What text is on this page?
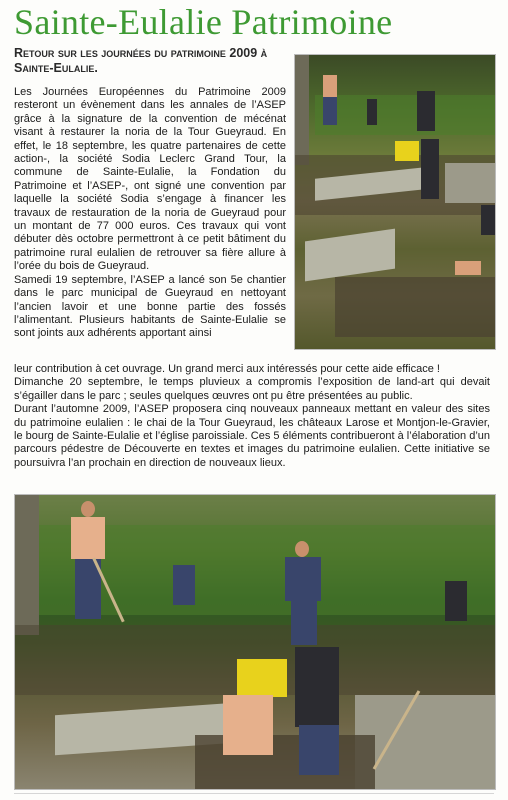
Sainte-Eulalie Patrimoine
Retour sur les journées du patrimoine 2009 à Sainte-Eulalie.

Les Journées Européennes du Patrimoine 2009 resteront un évènement dans les annales de l’ASEP grâce à la signature de la convention de mécénat visant à restaurer la noria de la Tour Gueyraud. En effet, le 18 septembre, les quatre partenaires de cette action-, la société Sodia Leclerc Grand Tour, la commune de Sainte-Eulalie, la Fondation du Patrimoine et l’ASEP-, ont signé une convention par laquelle la société Sodia s’engage à financer les travaux de restauration de la noria de Gueyraud pour un montant de 77 000 euros. Ces travaux qui vont débuter dès octobre permettront à ce petit bâtiment du patrimoine rural eulalien de retrouver sa fière allure à l’orée du bois de Gueyraud.

Samedi 19 septembre, l’ASEP a lancé son 5e chantier dans le parc municipal de Gueyraud en nettoyant l’ancien lavoir et une bonne partie des fossés l’alimentant. Plusieurs habitants de Sainte-Eulalie se sont joints aux adhérents apportant ainsi

leur contribution à cet ouvrage. Un grand merci aux intéressés pour cette aide efficace !

Dimanche 20 septembre, le temps pluvieux a compromis l’exposition de land-art qui devait s’égailler dans le parc ; seules quelques œuvres ont pu être présentées au public.

Durant l’automne 2009, l’ASEP proposera cinq nouveaux panneaux mettant en valeur des sites du patrimoine eulalien : le chai de la Tour Gueyraud, les châteaux Larose et Montjon-le-Gravier, le bourg de Sainte-Eulalie et l’église paroissiale. Ces 5 éléments contribueront à l’élaboration d’un parcours pédestre de Découverte en textes et images du patrimoine eulalien. Cette initiative se poursuivra l’an prochain en direction de nouveaux lieux.
